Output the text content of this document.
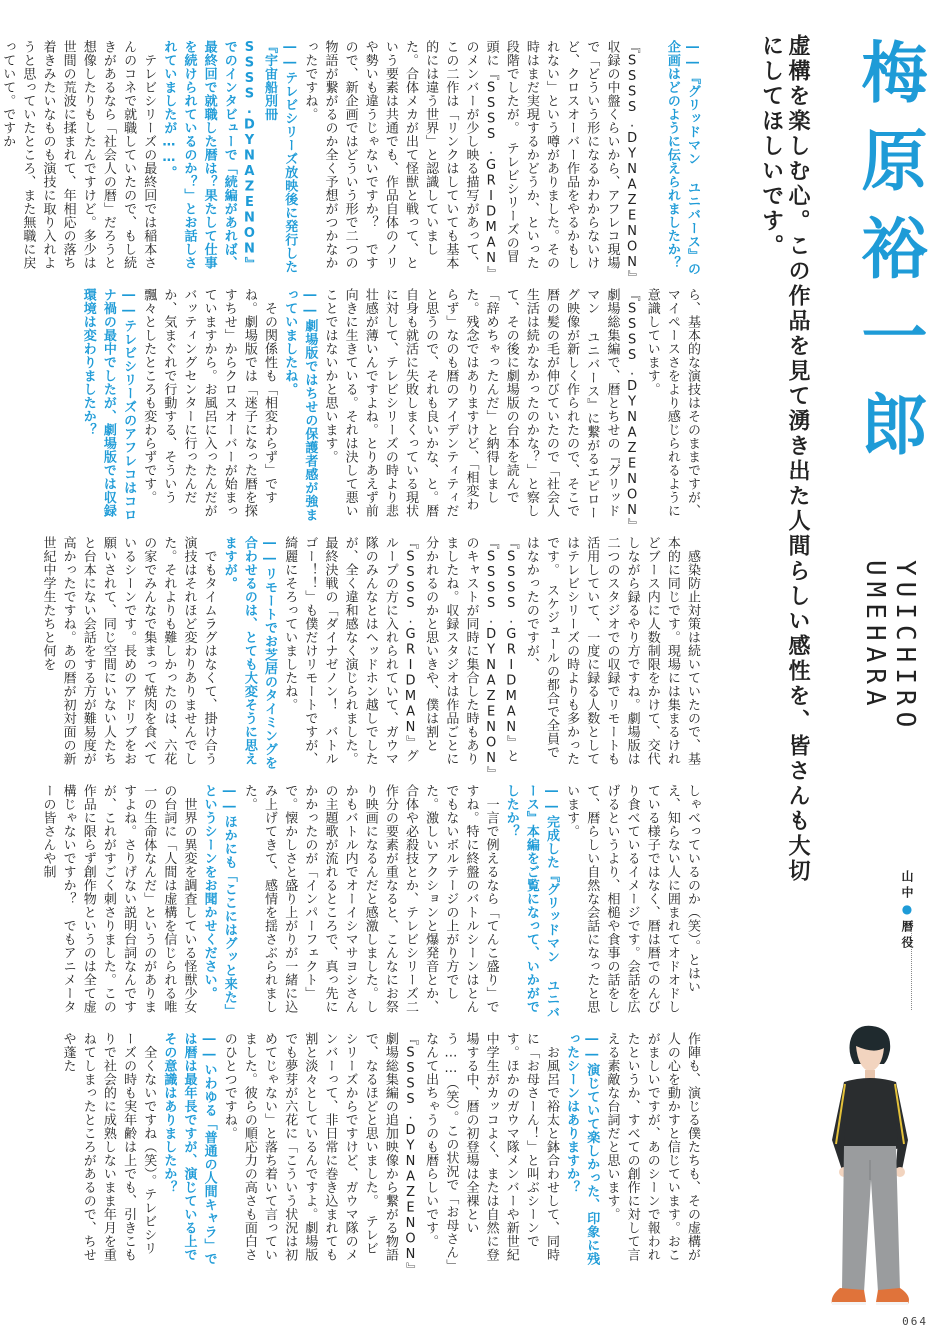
梅原裕一郎
虚構を楽しむ心。この作品を見て湧き出た人間らしい感性を、皆さんも大切にしてほしいです。
YUICHIRO UMEHARA
山中●暦役

――『グリッドマン ユニバース』の企画はどのように伝えられましたか？

　『SSSS.DYNAZENON』収録の中盤くらいから、アフレコ現場で「どういう形になるかわからないけど、クロスオーバー作品をやるかもしれない」という噂がありました。その時はまだ実現するかどうか、といった段階でしたが。　テレビシリーズの冒頭に『SSSS.GRIDMAN』のメンバーが少し映る描写があって、この二作は「リンクはしていても基本的には違う世界」と認識していました。合体メカが出て怪獣と戦って、という要素は共通でも、作品自体のノリや勢いも違うじゃないですか？　ですので、新企画ではどういう形で二つの物語が繋がるのか全く予想がつかなかったですね。

――テレビシリーズ放映後に発行した『宇宙船別冊 SSSS.DYNAZENON』でのインタビューで「続編があれば、最終回で就職した暦は？果たして仕事を続けられているのか？」とお話しされていましたが……。

　テレビシリーズの最終回では稲本さんのコネで就職していたので、もし続きがあるなら「社会人の暦」だろうと想像したりもしたんですけど。多少は世間の荒波に揉まれて、年相応の落ち着きみたいなものも演技に取り入れようと思っていたところ、また無職に戻っていて。ですか

ら、基本的な演技はそのままですが、マイペースさをより感じられるように意識しています。　『SSSS.DYNAZENON』劇場総集編で、暦とちせの『グリッドマン ユニバース』に繋がるエピローグ映像が新しく作られたので、そこで暦の髪の毛が伸びていたので「社会人生活は続かなかったのかな？」と察して、その後に劇場版の台本を読んで「辞めちゃったんだ」と納得しました。残念ではありますけど、「相変わらず」なのも暦のアイデンティティだと思うので、それも良いかな、と。暦自身も就活に失敗しまくっている現状に対して、テレビシリーズの時より悲壮感が薄いんですよね。とりあえず前向きに生きている。それは決して悪いことではないかと思います。

――劇場版ではちせの保護者感が強まっていましたね。

　その関係性も「相変わらず」ですね。劇場版では「迷子になった暦を探すちせ」からクロスオーバーが始まっていますから。お風呂に入ったんだがバッティングセンターに行ったんだか、気まぐれで行動する、そういう飄々としたところも変わらずです。

――テレビシリーズのアフレコはコロナ禍の最中でしたが、劇場版では収録環境は変わりましたか？

　感染防止対策は続いていたので、基本的に同じです。現場には集まるけれどブース内に人数制限をかけて、交代しながら録るやり方ですね。劇場版は二つのスタジオでの収録でリモートも活用していて、一度に録る人数としてはテレビシリーズの時よりも多かったです。　スケジュールの都合で全員ではなかったのですが、『SSSS.GRIDMAN』と『SSSS.DYNAZENON』のキャストが同時に集合した時もありましたね。収録スタジオは作品ごとに分かれるのかと思いきや、僕は割と『SSSS.GRIDMAN』グループの方に入れられていて、ガウマ隊のみんなとはヘッドホン越しでしたが、全く違和感なく演じられました。最終決戦の「ダイナゼノン！　バトルゴー！！」も僕だけリモートですが、綺麗にそろっていましたね。

――リモートでお芝居のタイミングを合わせるのは、とても大変そうに思えますが。

　でもタイムラグはなくて、掛け合う演技はそれほど変わりありませんでした。それよりも難しかったのは、六花の家でみんなで集まって焼肉を食べているシーンです。長めのアドリブをお願いされて、同じ空間にいない人たちと台本にない会話をする方が難易度が高かったですね。あの暦が初対面の新世紀中学生たちと何を

しゃべっているのか（笑）。とはいえ、知らない人に囲まれてオドオドしている様子ではなく、暦は暦でのんびり食べているイメージです。会話を広げるというより、相槌や食事の話をして、暦らしい自然な会話になったと思います。

――完成した『グリッドマン ユニバース』本編をご覧になって、いかがでしたか？

　一言で例えるなら「てんこ盛り」ですね。特に終盤のバトルシーンはとんでもないボルテージの上がり方でした。激しいアクションと爆発音とか、合体や必殺技とか、テレビシリーズ二作分の要素が重なると、こんなにお祭り映画になるんだと感激しました。しかもバトル内でオーイシマサヨシさんの主題歌が流れるところで、真っ先にかかったのが「インパーフェクト」で。懐かしさと盛り上がりが一緒に込み上げてきて、感情を揺さぶられました。

――ほかにも「ここにはグッと来た」というシーンをお聞かせください。

　世界の異変を調査している怪獣少女の台詞に「人間は虚構を信じられる唯一の生命体なんだ」というのがありますよね。さりげない説明台詞なんですが、これがすごく刺さりました。この作品に限らず創作物というのは全て虚構じゃないですか？　でもアニメーターの皆さんや制

作陣も、演じる僕たちも、その虚構が人の心を動かすと信じています。おこがましいですが、あのシーンで報われたというか、すべての創作に対して言える素敵な台詞だと思います。

――演じていて楽しかった、印象に残ったシーンはありますか？

　お風呂で裕太と鉢合わせして、同時に「お母さーん！」と叫ぶシーンです。ほかのガウマ隊メンバーや新世紀中学生がカッコよく、または自然に登場する中、暦の初登場は全裸という……（笑）。この状況で「お母さん」なんて出ちゃうのも暦らしいです。『SSSS.DYNAZENON』劇場総集編の追加映像から繋がる物語で、なるほどと思いました。　テレビシリーズからですけど、ガウマ隊のメンバーって、非日常に巻き込まれても割と淡々としているんですよ。劇場版でも夢芽が六花に「こういう状況は初めてじゃない」と落ち着いて言っていました。彼らの順応力の高さも面白さのひとつですね。

――いわゆる「普通の人間キャラ」では暦は最年長ですが、演じている上でその意識はありましたか？

　全くないですね（笑）。テレビシリーズの時も実年齢は上でも、引きこもりで社会的に成熟しないまま年月を重ねてしまったところがあるので、ちせや蓬た

064
